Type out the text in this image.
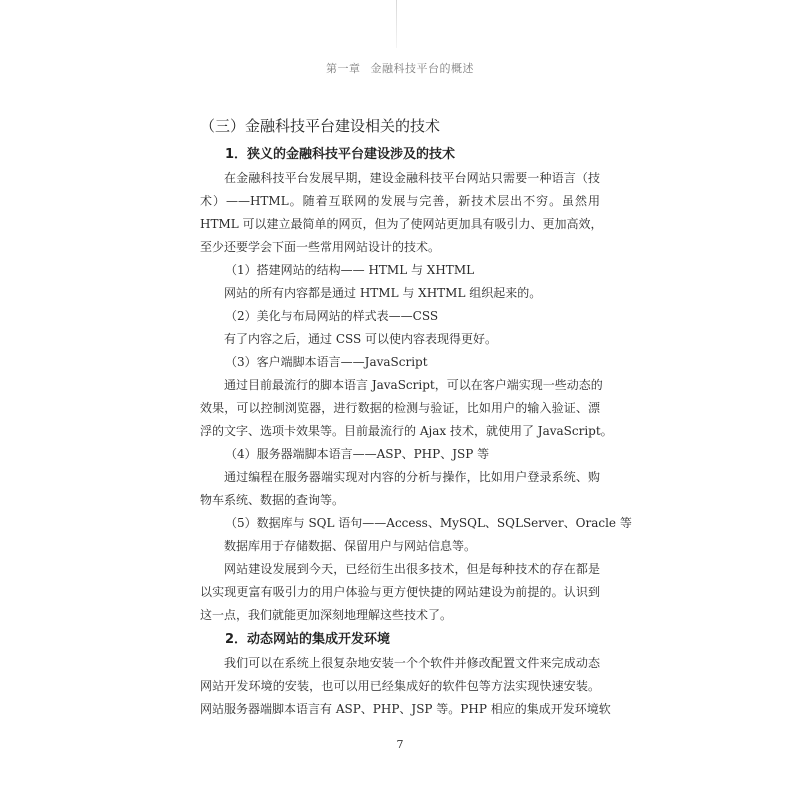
第一章 金融科技平台的概述
（三）金融科技平台建设相关的技术
1．狭义的金融科技平台建设涉及的技术
在金融科技平台发展早期，建设金融科技平台网站只需要一种语言（技
术）——HTML。随着互联网的发展与完善，新技术层出不穷。虽然用
HTML 可以建立最简单的网页，但为了使网站更加具有吸引力、更加高效，
至少还要学会下面一些常用网站设计的技术。
（1）搭建网站的结构—— HTML 与 XHTML
网站的所有内容都是通过 HTML 与 XHTML 组织起来的。
（2）美化与布局网站的样式表——CSS
有了内容之后，通过 CSS 可以使内容表现得更好。
（3）客户端脚本语言——JavaScript
通过目前最流行的脚本语言 JavaScript，可以在客户端实现一些动态的
效果，可以控制浏览器，进行数据的检测与验证，比如用户的输入验证、漂
浮的文字、选项卡效果等。目前最流行的 Ajax 技术，就使用了 JavaScript。
（4）服务器端脚本语言——ASP、PHP、JSP 等
通过编程在服务器端实现对内容的分析与操作，比如用户登录系统、购
物车系统、数据的查询等。
（5）数据库与 SQL 语句——Access、MySQL、SQLServer、Oracle 等
数据库用于存储数据、保留用户与网站信息等。
网站建设发展到今天，已经衍生出很多技术，但是每种技术的存在都是
以实现更富有吸引力的用户体验与更方便快捷的网站建设为前提的。认识到
这一点，我们就能更加深刻地理解这些技术了。
2．动态网站的集成开发环境
我们可以在系统上很复杂地安装一个个软件并修改配置文件来完成动态
网站开发环境的安装，也可以用已经集成好的软件包等方法实现快速安装。
网站服务器端脚本语言有 ASP、PHP、JSP 等。PHP 相应的集成开发环境软
7
